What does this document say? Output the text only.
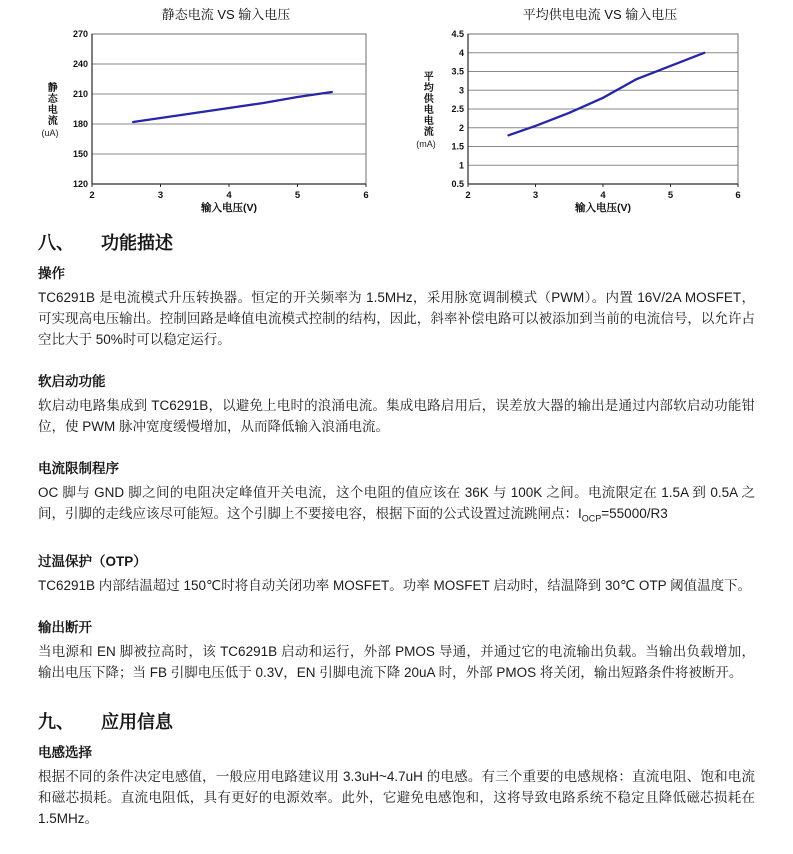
静态电流 VS 输入电压
静态电流
(uA)
120
150
180
210
240
270
2	3	4	5	6
输入电压(V)
平均供电电流 VS 输入电压
平均供电电流
(mA)
0.5
1
1.5
2
2.5
3
3.5
4
4.5
2	3	4	5	6
输入电压(V)
八、 功能描述
操作

TC6291B 是电流模式升压转换器。恒定的开关频率为 1.5MHz，采用脉宽调制模式（PWM）。内置 16V/2A MOSFET，可实现高电压输出。控制回路是峰值电流模式控制的结构，因此，斜率补偿电路可以被添加到当前的电流信号，以允许占空比大于 50%时可以稳定运行。

软启动功能

软启动电路集成到 TC6291B，以避免上电时的浪涌电流。集成电路启用后，误差放大器的输出是通过内部软启动功能钳位，使 PWM 脉冲宽度缓慢增加，从而降低输入浪涌电流。

电流限制程序

OC 脚与 GND 脚之间的电阻决定峰值开关电流，这个电阻的值应该在 36K 与 100K 之间。电流限定在 1.5A 到 0.5A 之间，引脚的走线应该尽可能短。这个引脚上不要接电容，根据下面的公式设置过流跳闸点：$I_{OCP}=55000/R3$

过温保护（OTP）

TC6291B 内部结温超过 150℃时将自动关闭功率 MOSFET。功率 MOSFET 启动时，结温降到 30℃ OTP 阈值温度下。

输出断开

当电源和 EN 脚被拉高时，该 TC6291B 启动和运行，外部 PMOS 导通，并通过它的电流输出负载。当输出负载增加，输出电压下降；当 FB 引脚电压低于 0.3V，EN 引脚电流下降 20uA 时，外部 PMOS 将关闭，输出短路条件将被断开。

九、 应用信息
电感选择

根据不同的条件决定电感值，一般应用电路建议用 3.3uH~4.7uH 的电感。有三个重要的电感规格：直流电阻、饱和电流和磁芯损耗。直流电阻低，具有更好的电源效率。此外，它避免电感饱和，这将导致电路系统不稳定且降低磁芯损耗在 1.5MHz。
